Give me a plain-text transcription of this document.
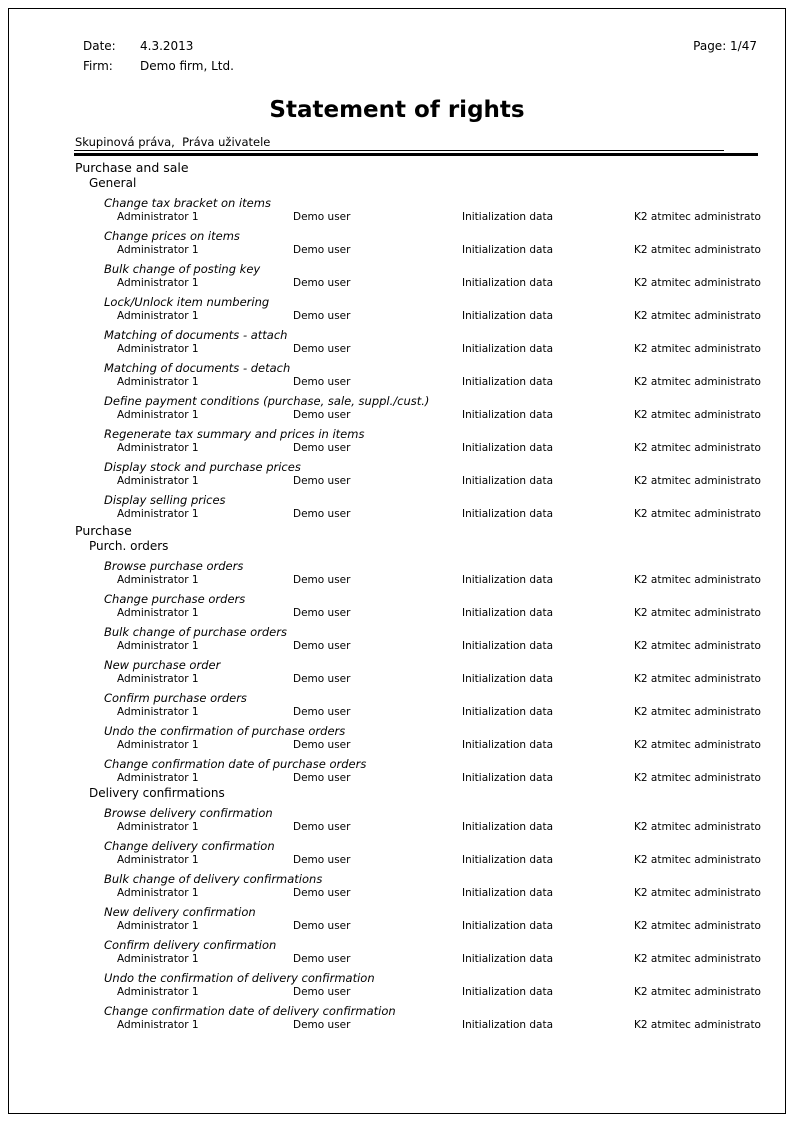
Date: 4.3.2013
Firm: Demo firm, Ltd.
Page: 1/47
Statement of rights
Skupinová práva,  Práva uživatele
Purchase and sale
General
Change tax bracket on items
Administrator 1	Demo user	Initialization data	K2 atmitec administrato
Change prices on items
Administrator 1	Demo user	Initialization data	K2 atmitec administrato
Bulk change of posting key
Administrator 1	Demo user	Initialization data	K2 atmitec administrato
Lock/Unlock item numbering
Administrator 1	Demo user	Initialization data	K2 atmitec administrato
Matching of documents - attach
Administrator 1	Demo user	Initialization data	K2 atmitec administrato
Matching of documents - detach
Administrator 1	Demo user	Initialization data	K2 atmitec administrato
Define payment conditions (purchase, sale, suppl./cust.)
Administrator 1	Demo user	Initialization data	K2 atmitec administrato
Regenerate tax summary and prices in items
Administrator 1	Demo user	Initialization data	K2 atmitec administrato
Display stock and purchase prices
Administrator 1	Demo user	Initialization data	K2 atmitec administrato
Display selling prices
Administrator 1	Demo user	Initialization data	K2 atmitec administrato
Purchase
Purch. orders
Browse purchase orders
Administrator 1	Demo user	Initialization data	K2 atmitec administrato
Change purchase orders
Administrator 1	Demo user	Initialization data	K2 atmitec administrato
Bulk change of purchase orders
Administrator 1	Demo user	Initialization data	K2 atmitec administrato
New purchase order
Administrator 1	Demo user	Initialization data	K2 atmitec administrato
Confirm purchase orders
Administrator 1	Demo user	Initialization data	K2 atmitec administrato
Undo the confirmation of purchase orders
Administrator 1	Demo user	Initialization data	K2 atmitec administrato
Change confirmation date of purchase orders
Administrator 1	Demo user	Initialization data	K2 atmitec administrato
Delivery confirmations
Browse delivery confirmation
Administrator 1	Demo user	Initialization data	K2 atmitec administrato
Change delivery confirmation
Administrator 1	Demo user	Initialization data	K2 atmitec administrato
Bulk change of delivery confirmations
Administrator 1	Demo user	Initialization data	K2 atmitec administrato
New delivery confirmation
Administrator 1	Demo user	Initialization data	K2 atmitec administrato
Confirm delivery confirmation
Administrator 1	Demo user	Initialization data	K2 atmitec administrato
Undo the confirmation of delivery confirmation
Administrator 1	Demo user	Initialization data	K2 atmitec administrato
Change confirmation date of delivery confirmation
Administrator 1	Demo user	Initialization data	K2 atmitec administrato
